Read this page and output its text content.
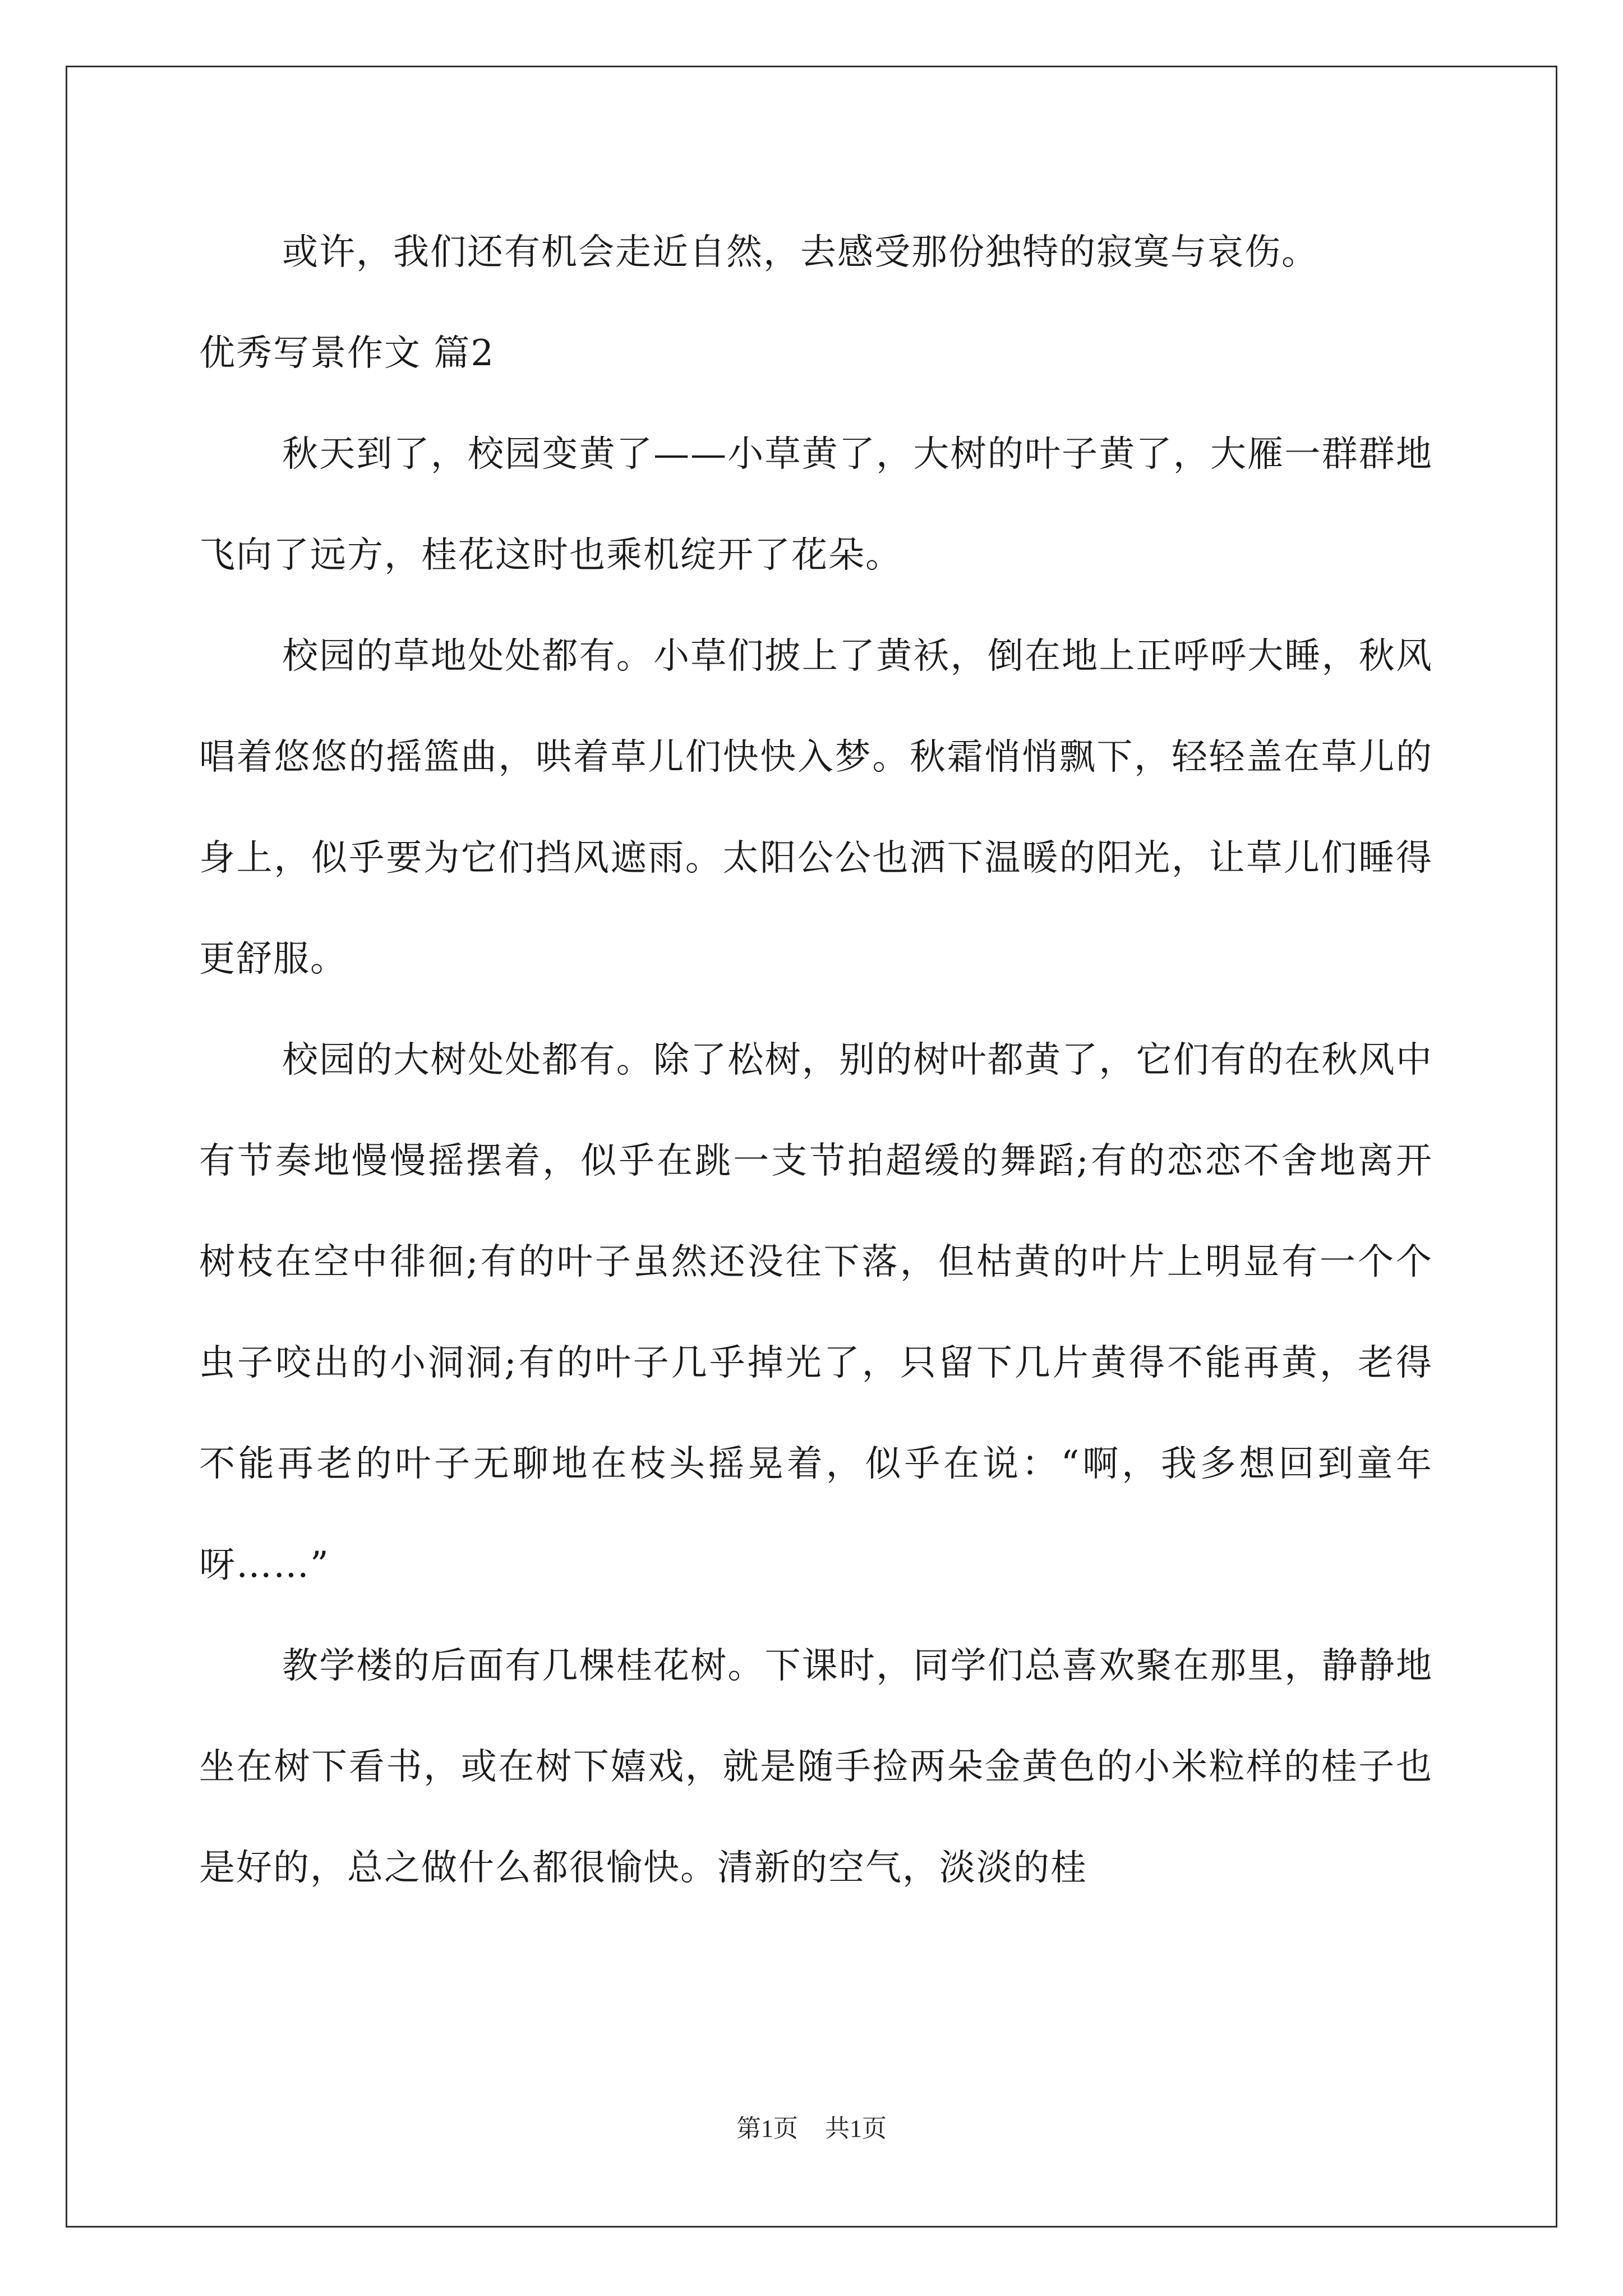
或许，我们还有机会走近自然，去感受那份独特的寂寞与哀伤。

优秀写景作文 篇2

秋天到了，校园变黄了——小草黄了，大树的叶子黄了，大雁一群群地飞向了远方，桂花这时也乘机绽开了花朵。

校园的草地处处都有。小草们披上了黄袄，倒在地上正呼呼大睡，秋风唱着悠悠的摇篮曲，哄着草儿们快快入梦。秋霜悄悄飘下，轻轻盖在草儿的身上，似乎要为它们挡风遮雨。太阳公公也洒下温暖的阳光，让草儿们睡得更舒服。

校园的大树处处都有。除了松树，别的树叶都黄了，它们有的在秋风中有节奏地慢慢摇摆着，似乎在跳一支节拍超缓的舞蹈;有的恋恋不舍地离开树枝在空中徘徊;有的叶子虽然还没往下落，但枯黄的叶片上明显有一个个虫子咬出的小洞洞;有的叶子几乎掉光了，只留下几片黄得不能再黄，老得不能再老的叶子无聊地在枝头摇晃着，似乎在说：“啊，我多想回到童年呀……”

教学楼的后面有几棵桂花树。下课时，同学们总喜欢聚在那里，静静地坐在树下看书，或在树下嬉戏，就是随手捡两朵金黄色的小米粒样的桂子也是好的，总之做什么都很愉快。清新的空气，淡淡的桂

第1页 共1页
